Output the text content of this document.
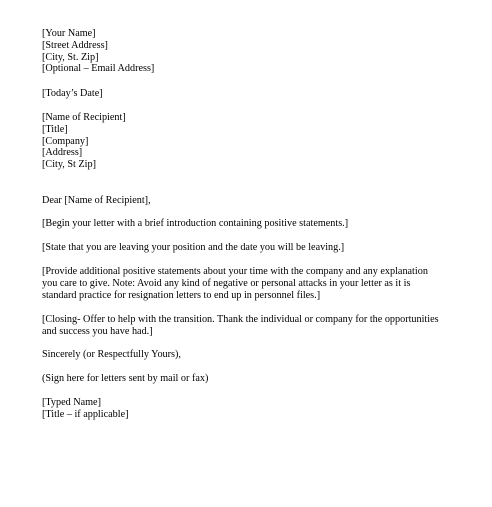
[Your Name]
[Street Address]
[City, St. Zip]
[Optional – Email Address]
[Today’s Date]
[Name of Recipient]
[Title]
[Company]
[Address]
[City, St Zip]
Dear [Name of Recipient],
[Begin your letter with a brief introduction containing positive statements.]
[State that you are leaving your position and the date you will be leaving.]
[Provide additional positive statements about your time with the company and any explanation
you care to give. Note: Avoid any kind of negative or personal attacks in your letter as it is
standard practice for resignation letters to end up in personnel files.]
[Closing- Offer to help with the transition. Thank the individual or company for the opportunities
and success you have had.]
Sincerely (or Respectfully Yours),
(Sign here for letters sent by mail or fax)
[Typed Name]
[Title – if applicable]
